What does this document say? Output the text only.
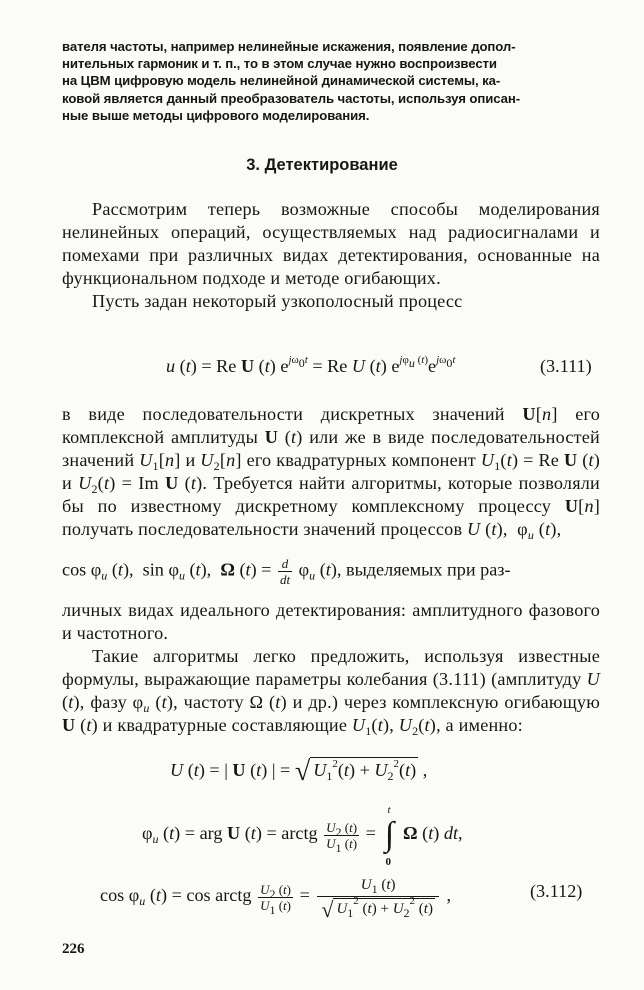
вателя частоты, например нелинейные искажения, появление допол-

нительных гармоник и т. п., то в этом случае нужно воспроизвести

на ЦВМ цифровую модель нелинейной динамической системы, ка-

ковой является данный преобразователь частоты, используя описан-

ные выше методы цифрового моделирования.

3. Детектирование

Рассмотрим теперь возможные способы моделирования нелинейных операций, осуществляемых над радиосигналами и помехами при различных видах детектирования, основанные на функциональном подходе и методе огибающих.

Пусть задан некоторый узкополосный процесс

u (t) = Re U (t) $e^{j\omega_0t} = Re$ U (t) $e^{j\varphi_u (t)}e^{j\omega_0t}$	(3.111)

в виде последовательности дискретных значений U[n] его комплексной амплитуды U (t) или же в виде последовательностей значений $U_1[n]$ и $U_2[n]$ его квадратурных компонент $U_1(t) = Re$ U (t) и $U_2(t) = Im$ U (t). Требуется найти алгоритмы, которые позволяли бы по известному дискретному комплексному процессу U[n] получать последовательности значений процессов U (t),  $\varphi_u$ (t),

$\cos \varphi_u$ (t),  $\sin \varphi_u$ (t),  Ω $(t) = \frac{d}{dt} \varphi_u$ (t), выделяемых при раз-

личных видах идеального детектирования: амплитудного фазового и частотного.

Такие алгоритмы легко предложить, используя известные формулы, выражающие параметры колебания (3.111) (амплитуду U (t), фазу $\varphi_u$ (t), частоту Ω (t) и др.) через комплексную огибающую U (t) и квадратурные составляющие $U_1(t)$, $U_2(t)$, а именно:

U (t) = | U (t) | = √ $U_1^2(t) + U_2^2(t)$ ,
$\varphi_u$ (t) = arg U (t) = arctg $\frac{U_2 (t)}{U_1 (t)}$ =
t
∫
0
Ω (t) dt,
$\cos \varphi_u$ (t) = cos arctg $\frac{U_2 (t)}{U_1 (t)} = \frac{U_1 (t)}{√ U_1^2 (t) + U_2^2 (t)}$ ,	(3.112)
226
